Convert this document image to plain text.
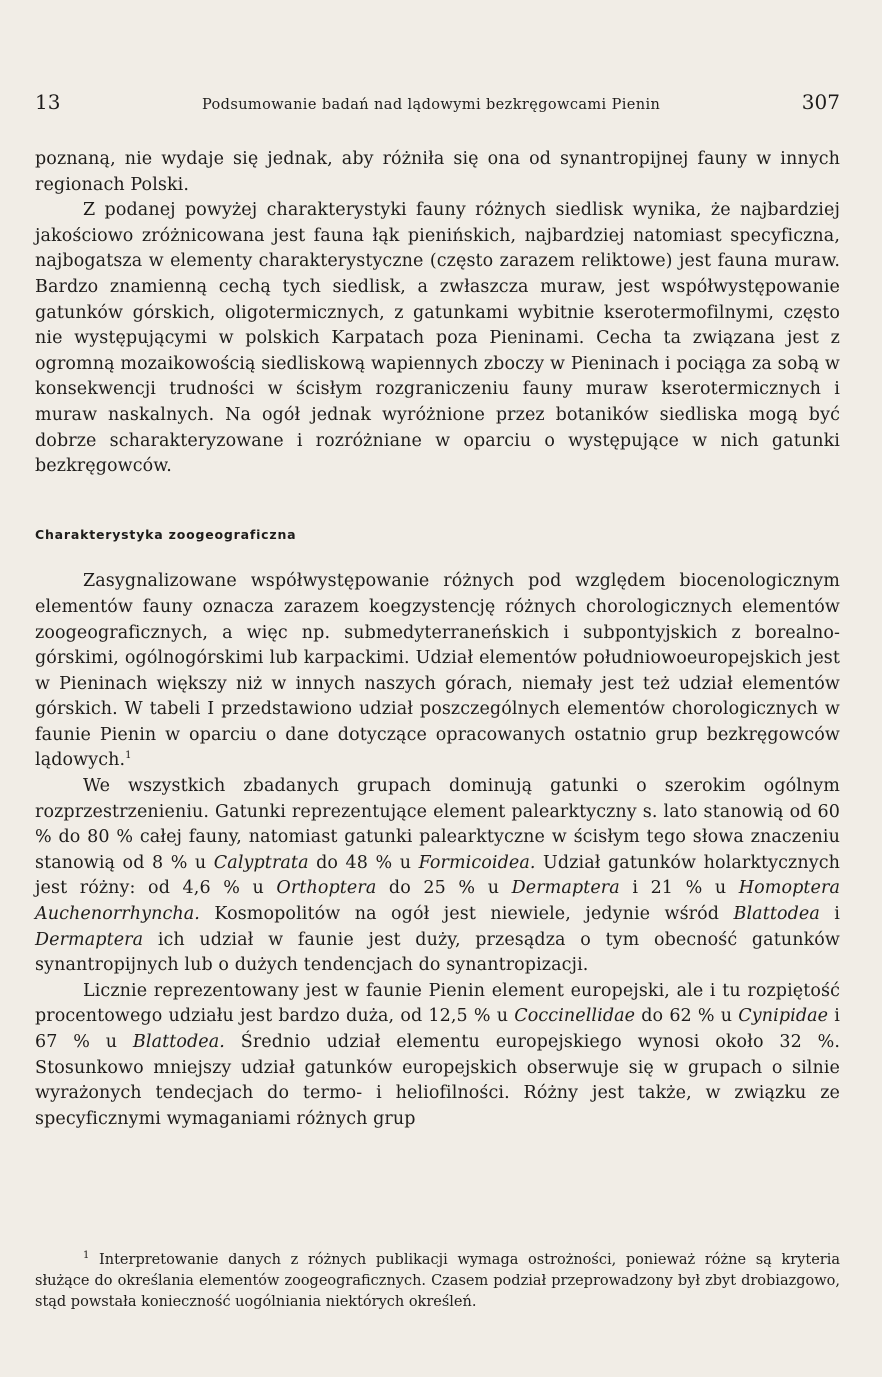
13	Podsumowanie badań nad lądowymi bezkręgowcami Pienin	307

poznaną, nie wydaje się jednak, aby różniła się ona od synantropijnej fauny w innych regionach Polski.

Z podanej powyżej charakterystyki fauny różnych siedlisk wynika, że najbardziej jakościowo zróżnicowana jest fauna łąk pienińskich, najbardziej natomiast specyficzna, najbogatsza w elementy charakterystyczne (często zarazem reliktowe) jest fauna muraw. Bardzo znamienną cechą tych siedlisk, a zwłaszcza muraw, jest współwystępowanie gatunków górskich, oligotermicznych, z gatunkami wybitnie kserotermofilnymi, często nie występującymi w polskich Karpatach poza Pieninami. Cecha ta związana jest z ogromną mozaikowością siedliskową wapiennych zboczy w Pieninach i pociąga za sobą w konsekwencji trudności w ścisłym rozgraniczeniu fauny muraw kserotermicznych i muraw naskalnych. Na ogół jednak wyróżnione przez botaników siedliska mogą być dobrze scharakteryzowane i rozróżniane w oparciu o występujące w nich gatunki bezkręgowców.

Charakterystyka zoogeograficzna

Zasygnalizowane współwystępowanie różnych pod względem biocenologicznym elementów fauny oznacza zarazem koegzystencję różnych chorologicznych elementów zoogeograficznych, a więc np. submedyterraneńskich i subpontyjskich z borealno-górskimi, ogólnogórskimi lub karpackimi. Udział elementów południowoeuropejskich jest w Pieninach większy niż w innych naszych górach, niemały jest też udział elementów górskich. W tabeli I przedstawiono udział poszczególnych elementów chorologicznych w faunie Pienin w oparciu o dane dotyczące opracowanych ostatnio grup bezkręgowców lądowych.$^1$

We wszystkich zbadanych grupach dominują gatunki o szerokim ogólnym rozprzestrzenieniu. Gatunki reprezentujące element palearktyczny s. lato stanowią od 60 % do 80 % całej fauny, natomiast gatunki palearktyczne w ścisłym tego słowa znaczeniu stanowią od 8 % u Calyptrata do 48 % u Formicoidea. Udział gatunków holarktycznych jest różny: od 4,6 % u Orthoptera do 25 % u Dermaptera i 21 % u Homoptera Auchenorrhyncha. Kosmopolitów na ogół jest niewiele, jedynie wśród Blattodea i Dermaptera ich udział w faunie jest duży, przesądza o tym obecność gatunków synantropijnych lub o dużych tendencjach do synantropizacji.

Licznie reprezentowany jest w faunie Pienin element europejski, ale i tu rozpiętość procentowego udziału jest bardzo duża, od 12,5 % u Coccinellidae do 62 % u Cynipidae i 67 % u Blattodea. Średnio udział elementu europejskiego wynosi około 32 %. Stosunkowo mniejszy udział gatunków europejskich obserwuje się w grupach o silnie wyrażonych tendecjach do termo- i heliofilności. Różny jest także, w związku ze specyficznymi wymaganiami różnych grup

$^1$ Interpretowanie danych z różnych publikacji wymaga ostrożności, ponieważ różne są kryteria służące do określania elementów zoogeograficznych. Czasem podział przeprowadzony był zbyt drobiazgowo, stąd powstała konieczność uogólniania niektórych określeń.
